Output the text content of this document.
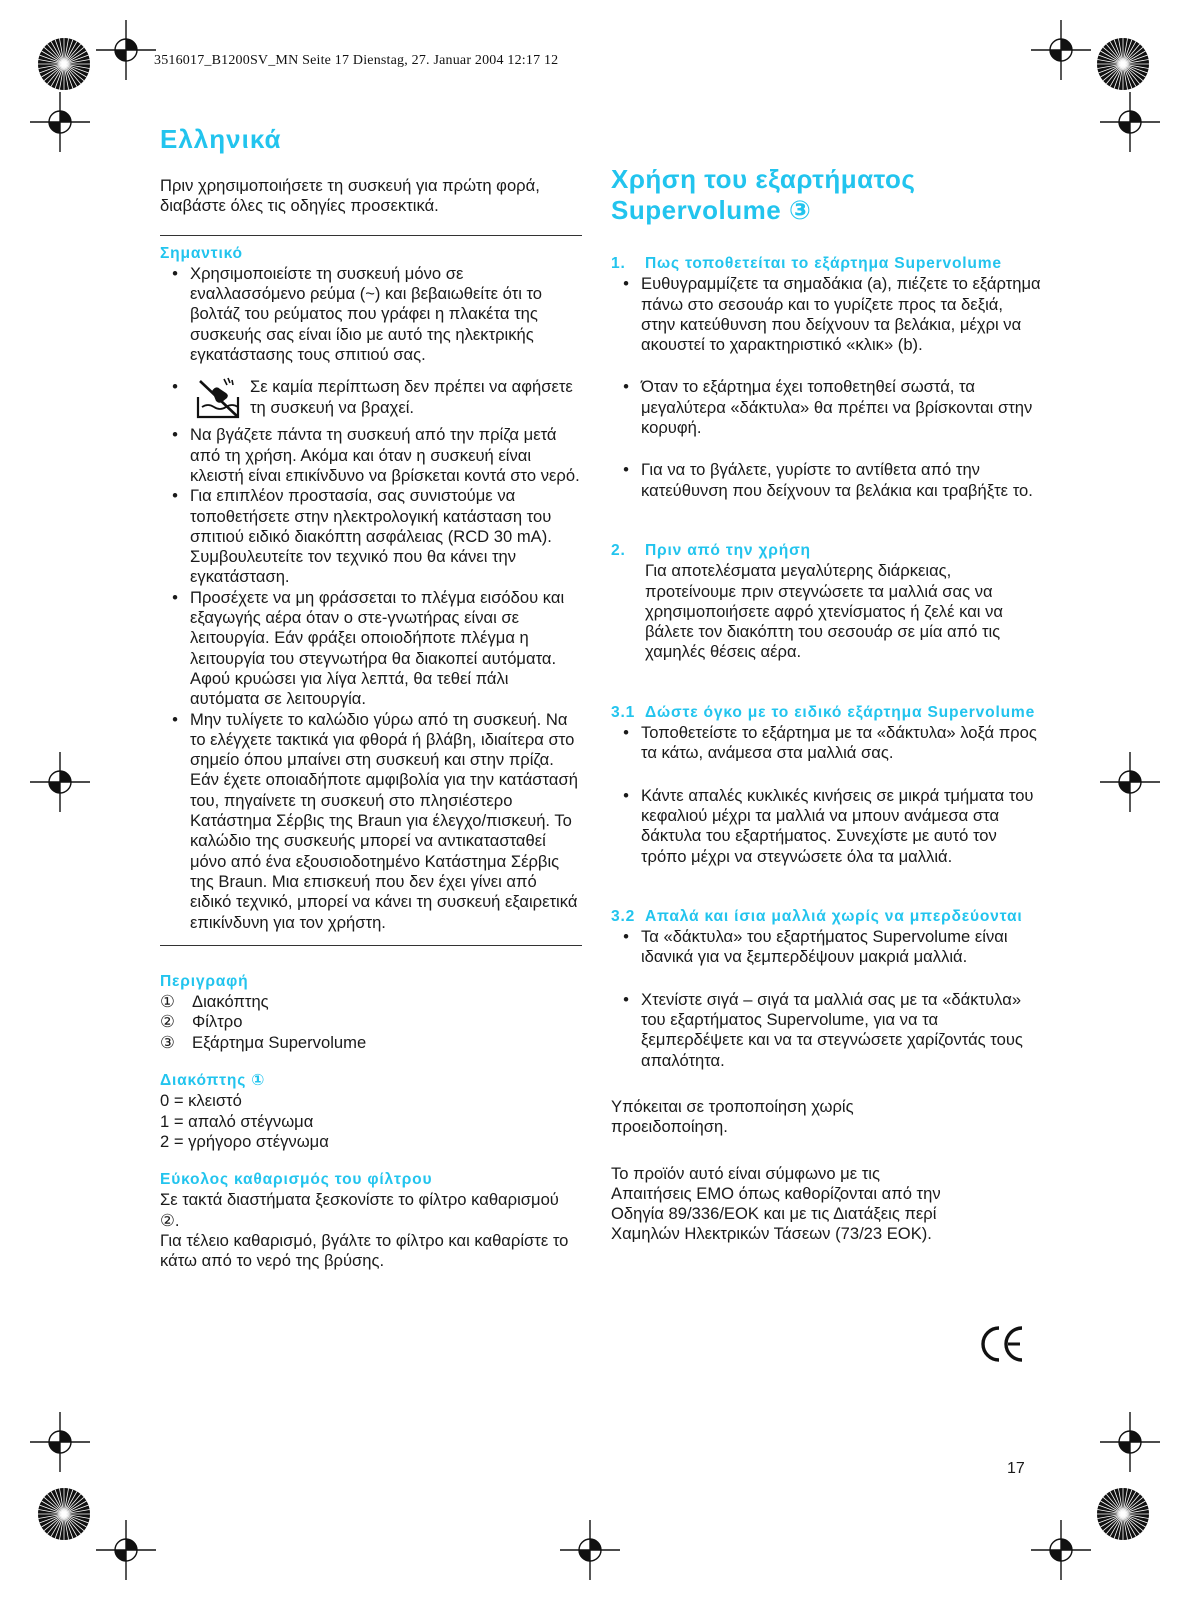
3516017_B1200SV_MN Seite 17 Dienstag, 27. Januar 2004 12:17 12
Ελληνικά
Χρήση του εξαρτήματος Supervolume ③

Πριν χρησιμοποιήσετε τη συσκευή για πρώτη φορά, διαβάστε όλες τις οδηγίες προσεκτικά.

Σημαντικό
• Χρησιμοποιείστε τη συσκευή μόνο σε εναλλασσόμενο ρεύμα (~) και βεβαιωθείτε ότι το βολτάζ του ρεύματος που γράφει η πλακέτα της συσκευής σας είναι ίδιο με αυτό της ηλεκτρικής εγκατάστασης τους σπιτιού σας.
•	Σε καμία περίπτωση δεν πρέπει να αφήσετε τη συσκευή να βραχεί.
• Να βγάζετε πάντα τη συσκευή από την πρίζα μετά από τη χρήση. Ακόμα και όταν η συσκευή είναι κλειστή είναι επικίνδυνο να βρίσκεται κοντά στο νερό.
• Για επιπλέον προστασία, σας συνιστούμε να τοποθετήσετε στην ηλεκτρολογική κατάσταση του σπιτιού ειδικό διακόπτη ασφάλειας (RCD 30 mA).
Συμβουλευτείτε τον τεχνικό που θα κάνει την εγκατάσταση.
• Προσέχετε να μη φράσσεται το πλέγμα εισόδου και εξαγωγής αέρα όταν ο στε-γνωτήρας είναι σε λειτουργία. Εάν φράξει οποιοδήποτε πλέγμα η λειτουργία του στεγνωτήρα θα διακοπεί αυτόματα.
Αφού κρυώσει για λίγα λεπτά, θα τεθεί πάλι αυτόματα σε λειτουργία.
• Μην τυλίγετε το καλώδιο γύρω από τη συσκευή. Να το ελέγχετε τακτικά για φθορά ή βλάβη, ιδιαίτερα στο σημείο όπου μπαίνει στη συσκευή και στην πρίζα. Εάν έχετε οποιαδήποτε αμφιβολία για την κατάστασή του, πηγαίνετε τη συσκευή στο πλησιέστερο Κατάστημα Σέρβις της Braun για έλεγχο/πισκευή. Το καλώδιο της συσκευής μπορεί να αντικατασταθεί μόνο από ένα εξουσιοδοτημένο Κατάστημα Σέρβις της Braun. Μια επισκευή που δεν έχει γίνει από ειδικό τεχνικό, μπορεί να κάνει τη συσκευή εξαιρετικά επικίνδυνη για τον χρήστη.
Περιγραφή
①	Διακόπτης
②	Φίλτρο
③	Εξάρτημα Supervolume
Διακόπτης ①
0 = κλειστό
1 = απαλό στέγνωμα
2 = γρήγορο στέγνωμα
Εύκολος καθαρισμός του φίλτρου
Σε τακτά διαστήματα ξεσκονίστε το φίλτρο καθαρισμού ②.
Για τέλειο καθαρισμό, βγάλτε το φίλτρο και καθαρίστε το κάτω από το νερό της βρύσης.
1.	Πως τοποθετείται το εξάρτημα Supervolume
• Ευθυγραμμίζετε τα σημαδάκια (a), πιέζετε το εξάρτημα πάνω στο σεσουάρ και το γυρίζετε προς τα δεξιά, στην κατεύθυνση που δείχνουν τα βελάκια, μέχρι να ακουστεί το χαρακτηριστικό «κλικ» (b).
• Όταν το εξάρτημα έχει τοποθετηθεί σωστά, τα μεγαλύτερα «δάκτυλα» θα πρέπει να βρίσκονται στην κορυφή.
• Για να το βγάλετε, γυρίστε το αντίθετα από την κατεύθυνση που δείχνουν τα βελάκια και τραβήξτε το.
2.	Πριν από την χρήση
Για αποτελέσματα μεγαλύτερης διάρκειας, προτείνουμε πριν στεγνώσετε τα μαλλιά σας να χρησιμοποιήσετε αφρό χτενίσματος ή ζελέ και να βάλετε τον διακόπτη του σεσουάρ σε μία από τις χαμηλές θέσεις αέρα.
3.1 Δώστε όγκο με το ειδικό εξάρτημα Supervolume
• Τοποθετείστε το εξάρτημα με τα «δάκτυλα» λοξά προς τα κάτω, ανάμεσα στα μαλλιά σας.
• Κάντε απαλές κυκλικές κινήσεις σε μικρά τμήματα του κεφαλιού μέχρι τα μαλλιά να μπουν ανάμεσα στα δάκτυλα του εξαρτήματος. Συνεχίστε με αυτό τον τρόπο μέχρι να στεγνώσετε όλα τα μαλλιά.
3.2 Απαλά και ίσια μαλλιά χωρίς να μπερδεύονται
• Τα «δάκτυλα» του εξαρτήματος Supervolume είναι ιδανικά για να ξεμπερδέψουν μακριά μαλλιά.
• Χτενίστε σιγά – σιγά τα μαλλιά σας με τα «δάκτυλα» του εξαρτήματος Supervolume, για να τα ξεμπερδέψετε και να τα στεγνώσετε χαρίζοντάς τους απαλότητα.
Υπόκειται σε τροποποίηση χωρίς προειδοποίηση.
Το προϊόν αυτό είναι σύμφωνο με τις Απαιτήσεις ΕΜΟ όπως καθορίζονται από την Οδηγία 89/336/ΕΟΚ και με τις Διατάξεις περί Χαμηλών Ηλεκτρικών Τάσεων (73/23 ΕΟΚ).
17
